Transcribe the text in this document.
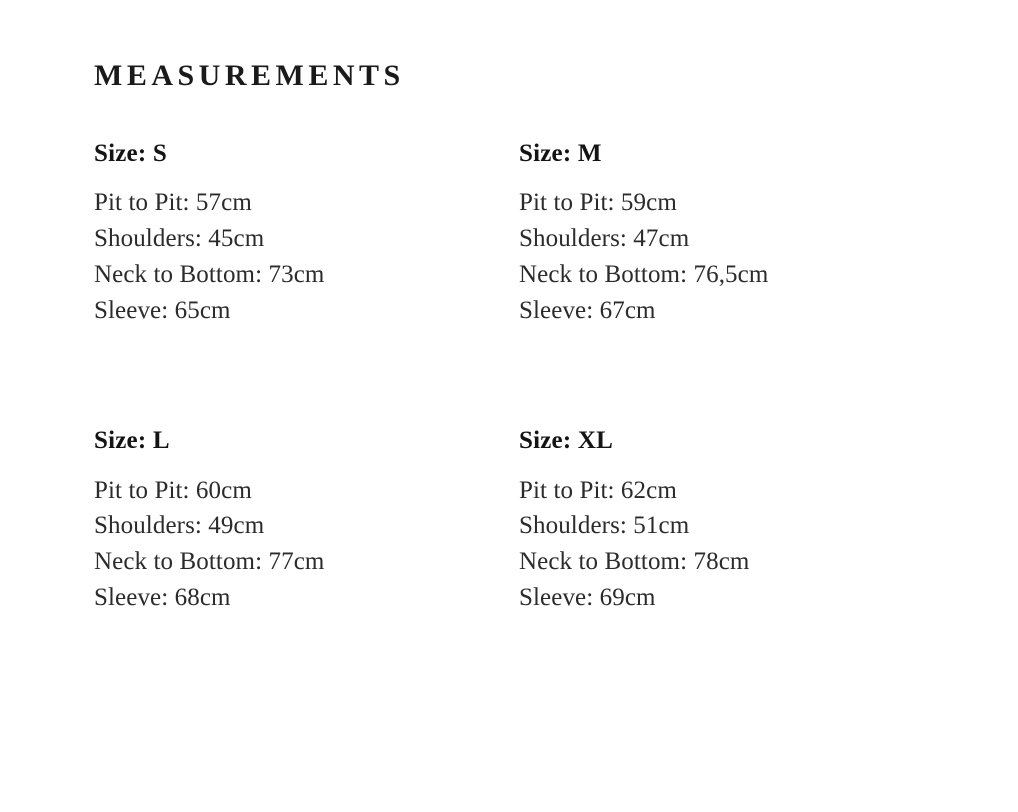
MEASUREMENTS
Size: S
Pit to Pit: 57cm
Shoulders: 45cm
Neck to Bottom: 73cm
Sleeve: 65cm
Size: M
Pit to Pit: 59cm
Shoulders: 47cm
Neck to Bottom: 76,5cm
Sleeve: 67cm
Size: L
Pit to Pit: 60cm
Shoulders: 49cm
Neck to Bottom: 77cm
Sleeve: 68cm
Size: XL
Pit to Pit: 62cm
Shoulders: 51cm
Neck to Bottom: 78cm
Sleeve: 69cm
